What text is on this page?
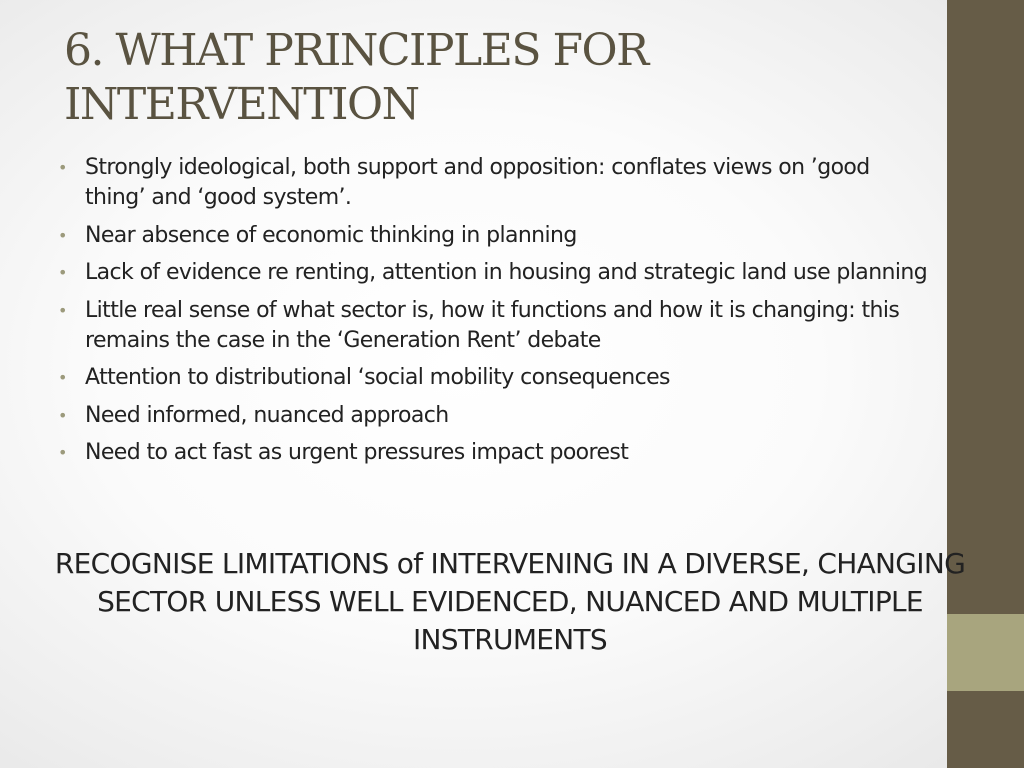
6. WHAT PRINCIPLES FOR INTERVENTION
• Strongly ideological, both support and opposition: conflates views on ’good thing’ and ‘good system’.
• Near absence of economic thinking in planning
• Lack of evidence re renting, attention in housing and strategic land use planning
• Little real sense of what sector is, how it functions and how it is changing: this remains the case in the ‘Generation Rent’ debate
• Attention to distributional ‘social mobility consequences
• Need informed, nuanced approach
• Need to act fast as urgent pressures impact poorest
RECOGNISE LIMITATIONS of INTERVENING IN A DIVERSE, CHANGING SECTOR UNLESS WELL EVIDENCED, NUANCED AND MULTIPLE INSTRUMENTS
